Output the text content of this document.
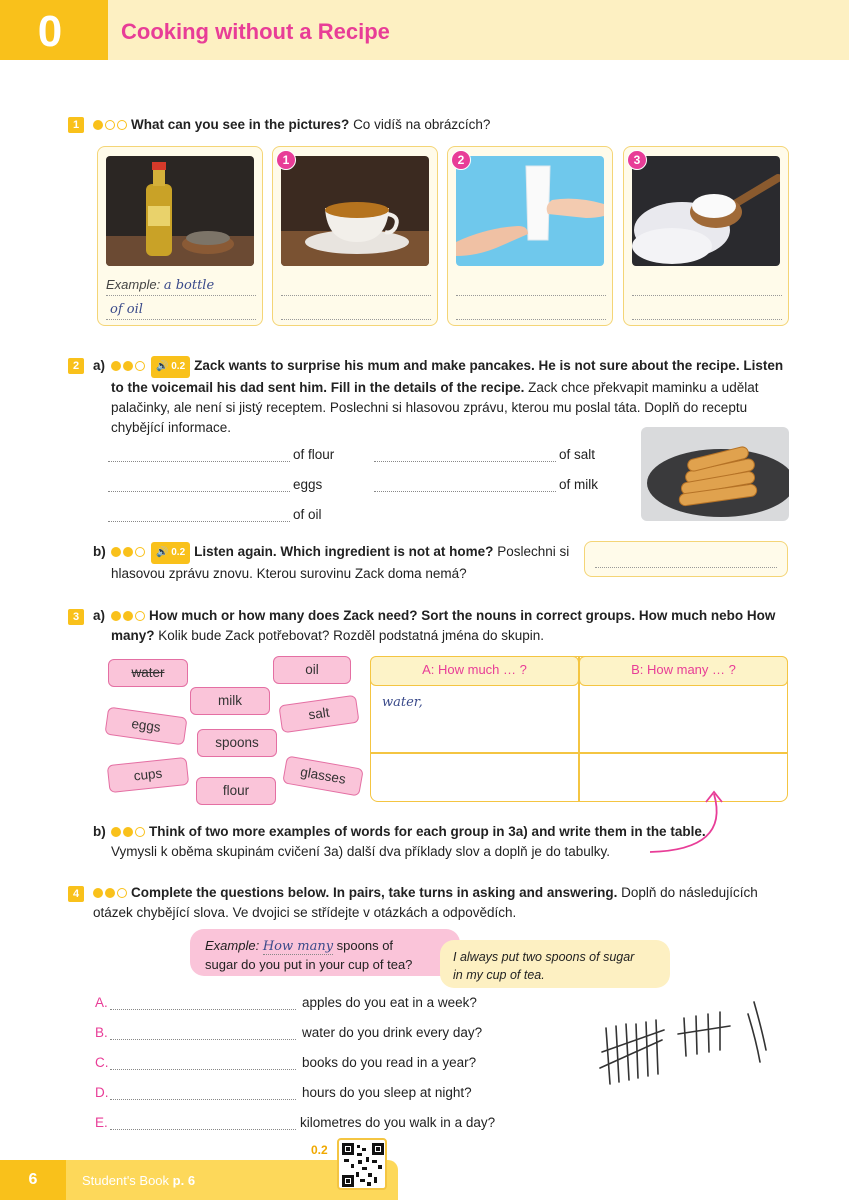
0	Cooking without a Recipe
1	What can you see in the pictures? Co vidíš na obrázcích?
Example: a bottle
of oil
1	2	3
2	a)	🔊 0.2 Zack wants to surprise his mum and make pancakes. He is not sure about the recipe. Listen to the voicemail his dad sent him. Fill in the details of the recipe. Zack chce překvapit maminku a udělat palačinky, ale není si jistý receptem. Poslechni si hlasovou zprávu, kterou mu poslal táta. Doplň do receptu chybějící informace.
of flour	of salt
eggs	of milk
of oil
b)	🔊 0.2 Listen again. Which ingredient is not at home? Poslechni si hlasovou zprávu znovu. Kterou surovinu Zack doma nemá?
3	a)	How much or how many does Zack need? Sort the nouns in correct groups. How much nebo How many? Kolik bude Zack potřebovat? Rozděl podstatná jména do skupin.
water	oil
milk
salt
eggs
spoons
cups	glasses
flour
A: How much … ?	B: How many … ?
water,
b)	Think of two more examples of words for each group in 3a) and write them in the table. Vymysli k oběma skupinám cvičení 3a) další dva příklady slov a doplň je do tabulky.
4	Complete the questions below. In pairs, take turns in asking and answering. Doplň do následujících otázek chybějící slova. Ve dvojici se střídejte v otázkách a odpovědích.
Example: How many spoons of
sugar do you put in your cup of tea?	I always put two spoons of sugar
in my cup of tea.
A.	apples do you eat in a week?
B.	water do you drink every day?
C.	books do you read in a year?
D.	hours do you sleep at night?
E.	kilometres do you walk in a day?
6	Student's Book p. 6
0.2
